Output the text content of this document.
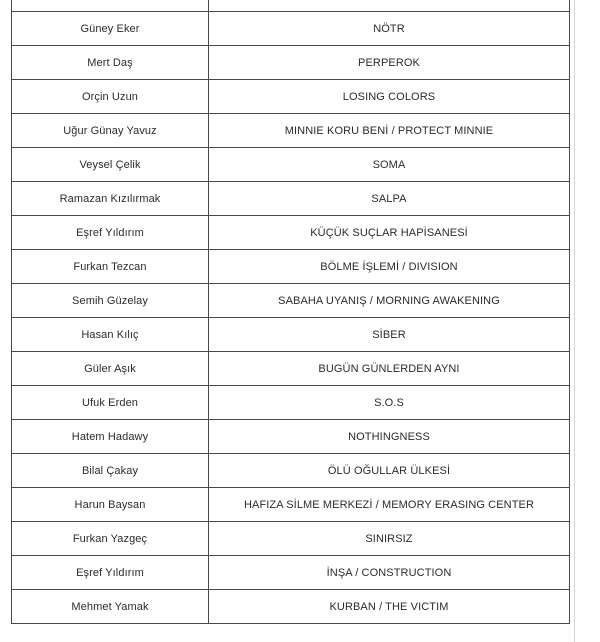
Güney Eker	NÖTR
Mert Daş	PERPEROK
Orçin Uzun	LOSING COLORS
Uğur Günay Yavuz	MINNIE KORU BENİ / PROTECT MINNIE
Veysel Çelik	SOMA
Ramazan Kızılırmak	SALPA
Eşref Yıldırım	KÜÇÜK SUÇLAR HAPİSANESİ
Furkan Tezcan	BÖLME İŞLEMİ / DIVISION
Semih Güzelay	SABAHA UYANIŞ / MORNING AWAKENING
Hasan Kılıç	SİBER
Güler Aşık	BUGÜN GÜNLERDEN AYNI
Ufuk Erden	S.O.S
Hatem Hadawy	NOTHINGNESS
Bilal Çakay	ÖLÜ OĞULLAR ÜLKESİ
Harun Baysan	HAFIZA SİLME MERKEZİ / MEMORY ERASING CENTER
Furkan Yazgeç	SINIRSIZ
Eşref Yıldırım	İNŞA / CONSTRUCTION
Mehmet Yamak	KURBAN / THE VICTIM
